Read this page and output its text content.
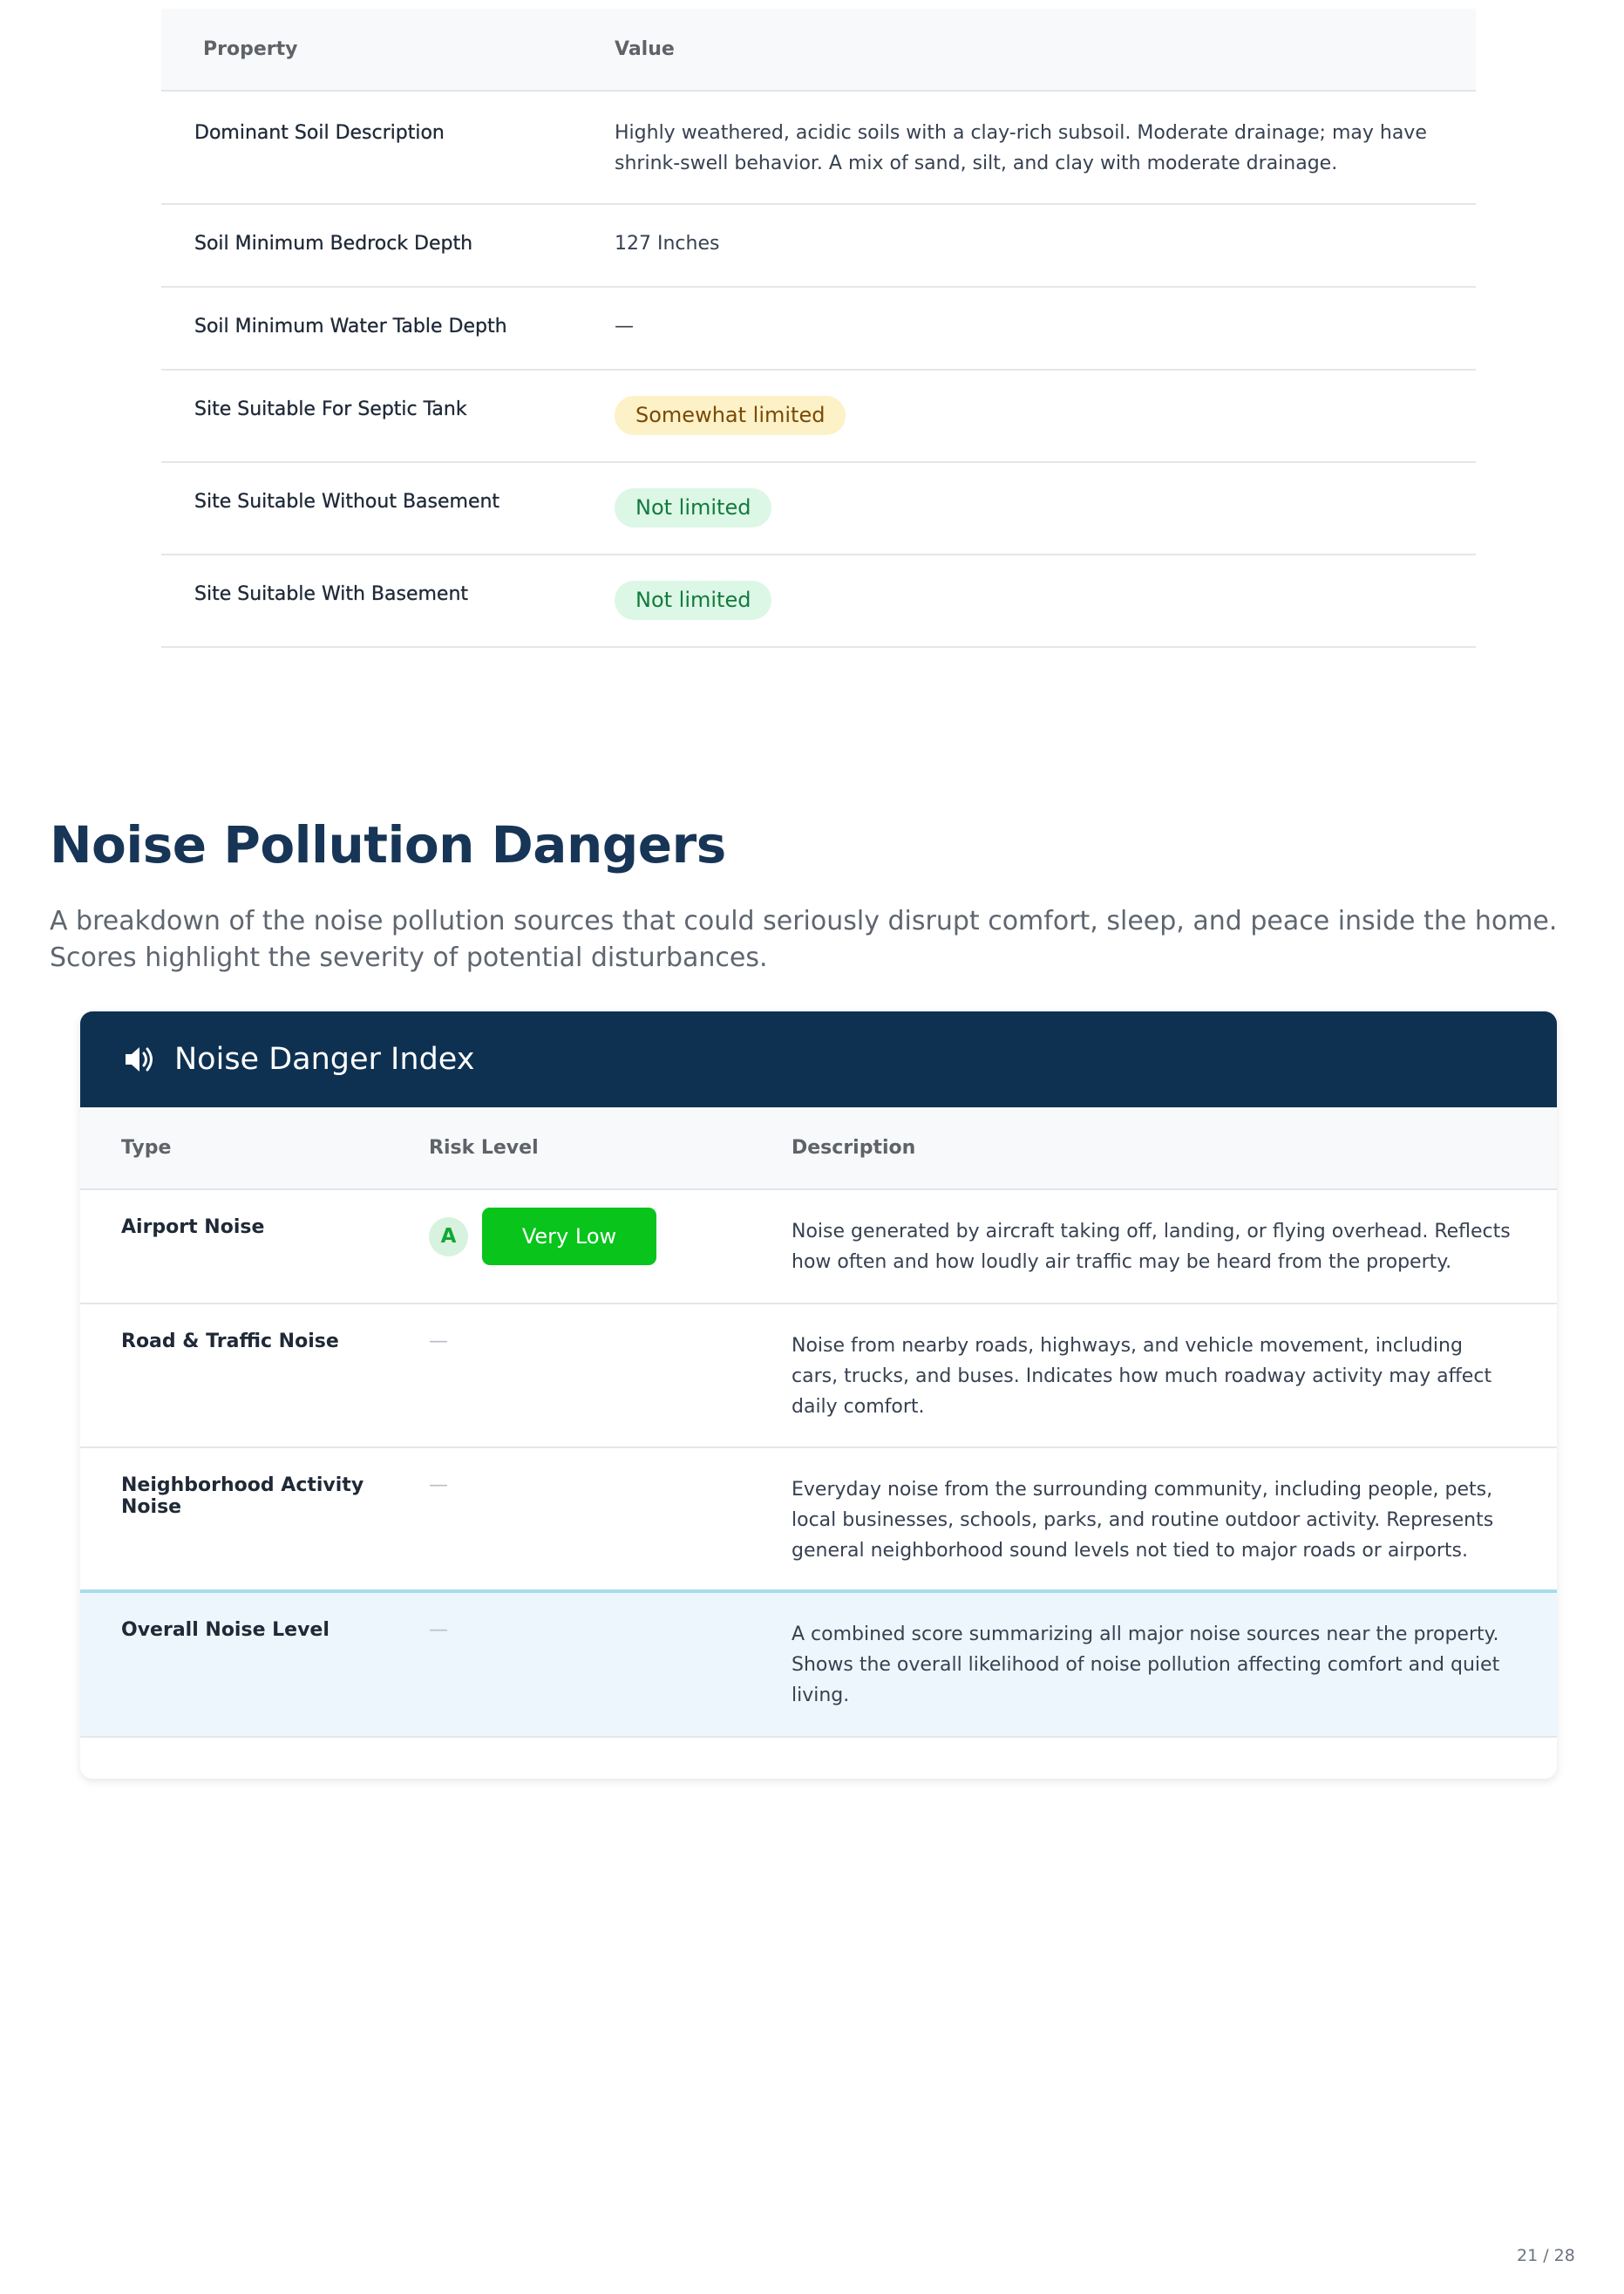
Property	Value
Dominant Soil Description	Highly weathered, acidic soils with a clay-rich subsoil. Moderate drainage; may have shrink-swell behavior. A mix of sand, silt, and clay with moderate drainage.
Soil Minimum Bedrock Depth	127 Inches
Soil Minimum Water Table Depth	—
Site Suitable For Septic Tank	Somewhat limited
Site Suitable Without Basement	Not limited
Site Suitable With Basement	Not limited
Noise Pollution Dangers

A breakdown of the noise pollution sources that could seriously disrupt comfort, sleep, and peace inside the home. Scores highlight the severity of potential disturbances.

Noise Danger Index
Type	Risk Level	Description
Airport Noise	A Very Low	Noise generated by aircraft taking off, landing, or flying overhead. Reflects how often and how loudly air traffic may be heard from the property.
Road & Traffic Noise	—	Noise from nearby roads, highways, and vehicle movement, including cars, trucks, and buses. Indicates how much roadway activity may affect daily comfort.
Neighborhood Activity Noise	—	Everyday noise from the surrounding community, including people, pets, local businesses, schools, parks, and routine outdoor activity. Represents general neighborhood sound levels not tied to major roads or airports.
Overall Noise Level	—	A combined score summarizing all major noise sources near the property. Shows the overall likelihood of noise pollution affecting comfort and quiet living.
21 / 28
